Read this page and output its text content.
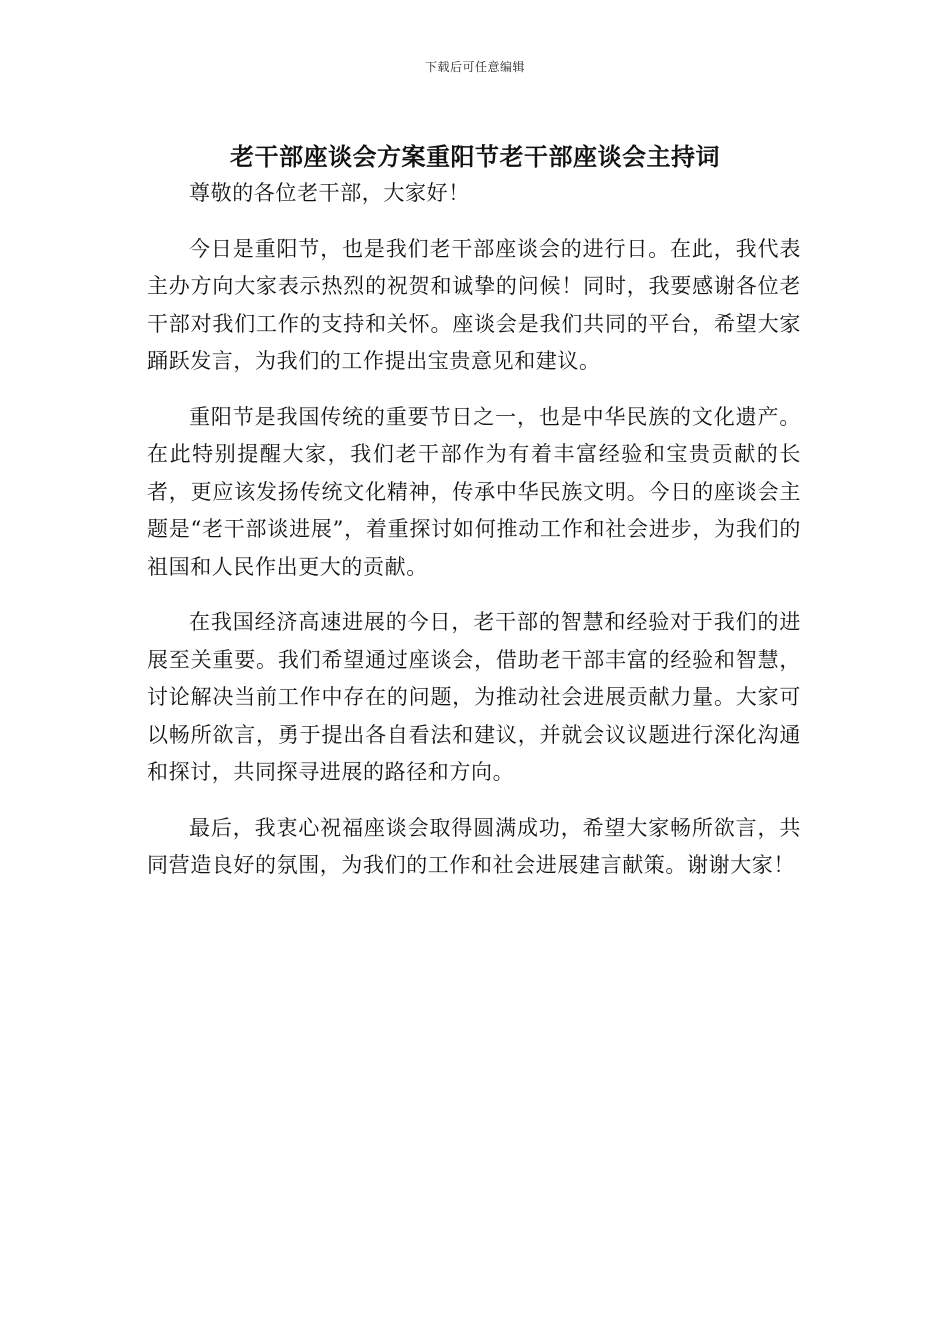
下载后可任意编辑
老干部座谈会方案重阳节老干部座谈会主持词

尊敬的各位老干部，大家好！

今日是重阳节，也是我们老干部座谈会的进行日。在此，我代表主办方向大家表示热烈的祝贺和诚挚的问候！同时，我要感谢各位老干部对我们工作的支持和关怀。座谈会是我们共同的平台，希望大家踊跃发言，为我们的工作提出宝贵意见和建议。

重阳节是我国传统的重要节日之一，也是中华民族的文化遗产。在此特别提醒大家，我们老干部作为有着丰富经验和宝贵贡献的长者，更应该发扬传统文化精神，传承中华民族文明。今日的座谈会主题是“老干部谈进展”，着重探讨如何推动工作和社会进步，为我们的祖国和人民作出更大的贡献。

在我国经济高速进展的今日，老干部的智慧和经验对于我们的进展至关重要。我们希望通过座谈会，借助老干部丰富的经验和智慧，讨论解决当前工作中存在的问题，为推动社会进展贡献力量。大家可以畅所欲言，勇于提出各自看法和建议，并就会议议题进行深化沟通和探讨，共同探寻进展的路径和方向。

最后，我衷心祝福座谈会取得圆满成功，希望大家畅所欲言，共同营造良好的氛围，为我们的工作和社会进展建言献策。谢谢大家！
